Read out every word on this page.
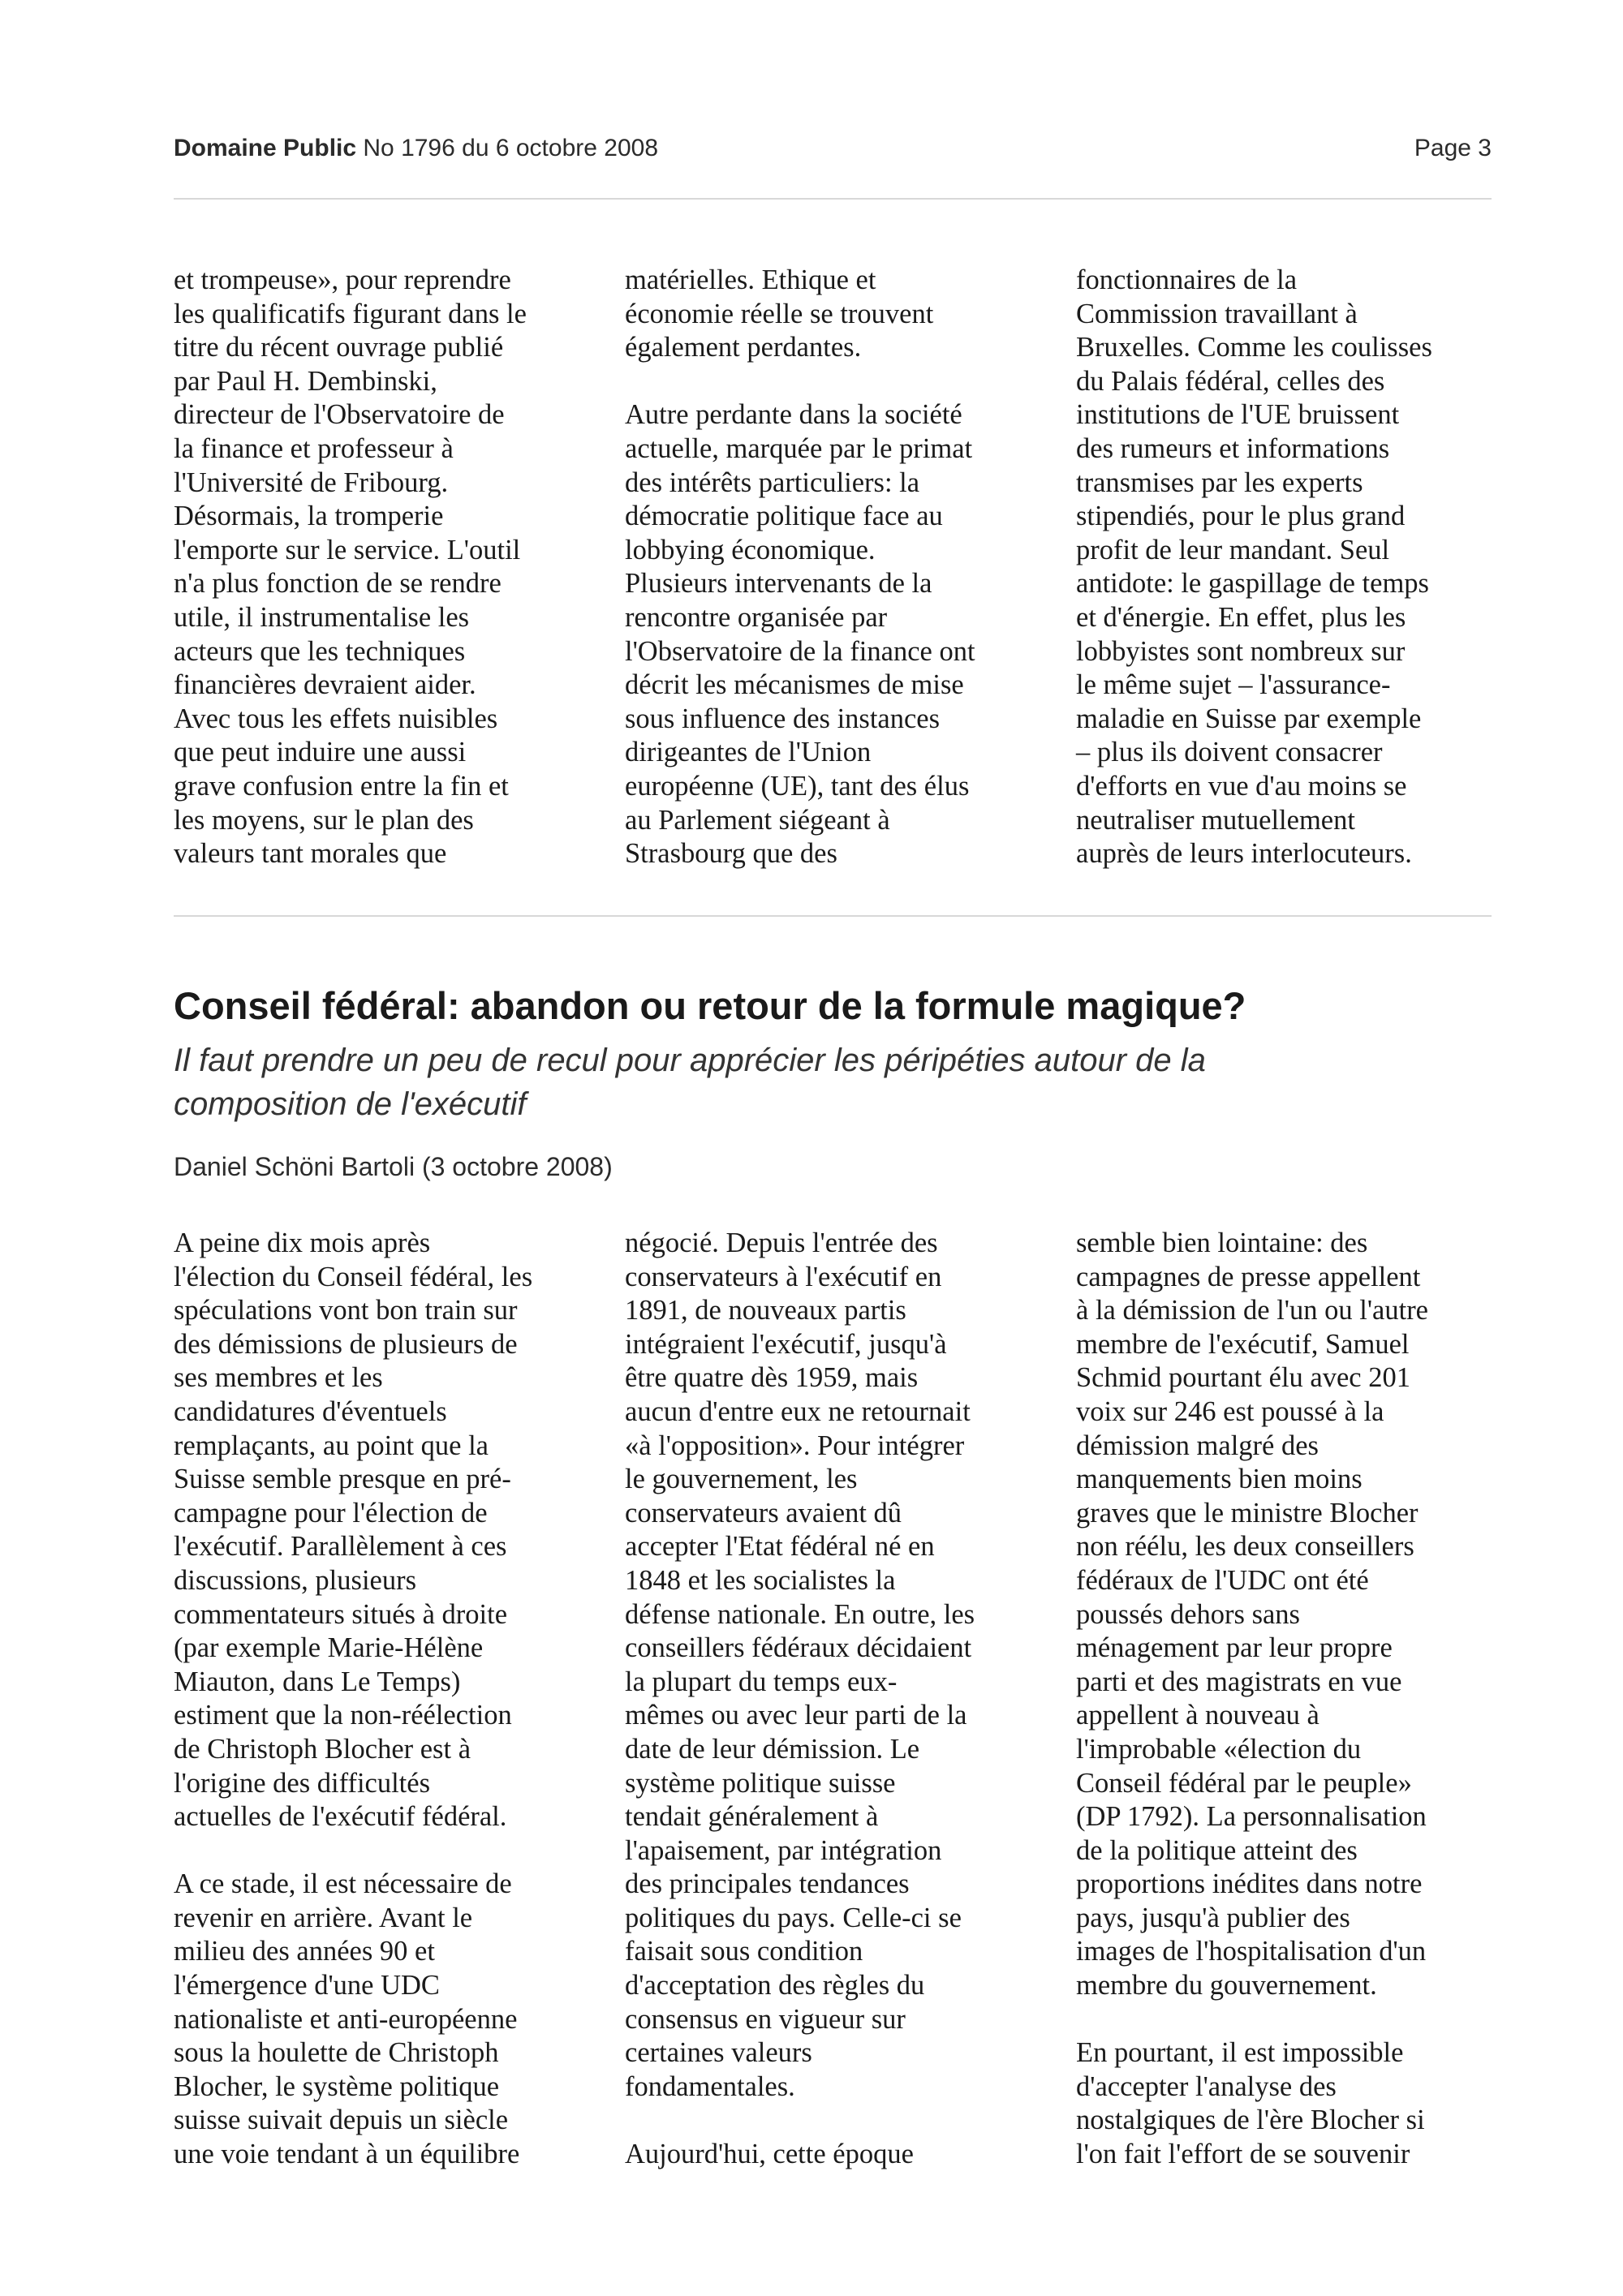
Domaine Public No 1796 du 6 octobre 2008	Page 3

et trompeuse», pour reprendre
les qualificatifs figurant dans le
titre du récent ouvrage publié
par Paul H. Dembinski,
directeur de l'Observatoire de
la finance et professeur à
l'Université de Fribourg.
Désormais, la tromperie
l'emporte sur le service. L'outil
n'a plus fonction de se rendre
utile, il instrumentalise les
acteurs que les techniques
financières devraient aider.
Avec tous les effets nuisibles
que peut induire une aussi
grave confusion entre la fin et
les moyens, sur le plan des
valeurs tant morales que

matérielles. Ethique et
économie réelle se trouvent
également perdantes.

Autre perdante dans la société
actuelle, marquée par le primat
des intérêts particuliers: la
démocratie politique face au
lobbying économique.
Plusieurs intervenants de la
rencontre organisée par
l'Observatoire de la finance ont
décrit les mécanismes de mise
sous influence des instances
dirigeantes de l'Union
européenne (UE), tant des élus
au Parlement siégeant à
Strasbourg que des

fonctionnaires de la
Commission travaillant à
Bruxelles. Comme les coulisses
du Palais fédéral, celles des
institutions de l'UE bruissent
des rumeurs et informations
transmises par les experts
stipendiés, pour le plus grand
profit de leur mandant. Seul
antidote: le gaspillage de temps
et d'énergie. En effet, plus les
lobbyistes sont nombreux sur
le même sujet – l'assurance-
maladie en Suisse par exemple
– plus ils doivent consacrer
d'efforts en vue d'au moins se
neutraliser mutuellement
auprès de leurs interlocuteurs.

Conseil fédéral: abandon ou retour de la formule magique?
Il faut prendre un peu de recul pour apprécier les péripéties autour de la
composition de l'exécutif
Daniel Schöni Bartoli (3 octobre 2008)

A peine dix mois après
l'élection du Conseil fédéral, les
spéculations vont bon train sur
des démissions de plusieurs de
ses membres et les
candidatures d'éventuels
remplaçants, au point que la
Suisse semble presque en pré-
campagne pour l'élection de
l'exécutif. Parallèlement à ces
discussions, plusieurs
commentateurs situés à droite
(par exemple Marie-Hélène
Miauton, dans Le Temps)
estiment que la non-réélection
de Christoph Blocher est à
l'origine des difficultés
actuelles de l'exécutif fédéral.

A ce stade, il est nécessaire de
revenir en arrière. Avant le
milieu des années 90 et
l'émergence d'une UDC
nationaliste et anti-européenne
sous la houlette de Christoph
Blocher, le système politique
suisse suivait depuis un siècle
une voie tendant à un équilibre

négocié. Depuis l'entrée des
conservateurs à l'exécutif en
1891, de nouveaux partis
intégraient l'exécutif, jusqu'à
être quatre dès 1959, mais
aucun d'entre eux ne retournait
«à l'opposition». Pour intégrer
le gouvernement, les
conservateurs avaient dû
accepter l'Etat fédéral né en
1848 et les socialistes la
défense nationale. En outre, les
conseillers fédéraux décidaient
la plupart du temps eux-
mêmes ou avec leur parti de la
date de leur démission. Le
système politique suisse
tendait généralement à
l'apaisement, par intégration
des principales tendances
politiques du pays. Celle-ci se
faisait sous condition
d'acceptation des règles du
consensus en vigueur sur
certaines valeurs
fondamentales.

Aujourd'hui, cette époque

semble bien lointaine: des
campagnes de presse appellent
à la démission de l'un ou l'autre
membre de l'exécutif, Samuel
Schmid pourtant élu avec 201
voix sur 246 est poussé à la
démission malgré des
manquements bien moins
graves que le ministre Blocher
non réélu, les deux conseillers
fédéraux de l'UDC ont été
poussés dehors sans
ménagement par leur propre
parti et des magistrats en vue
appellent à nouveau à
l'improbable «élection du
Conseil fédéral par le peuple»
(DP 1792). La personnalisation
de la politique atteint des
proportions inédites dans notre
pays, jusqu'à publier des
images de l'hospitalisation d'un
membre du gouvernement.

En pourtant, il est impossible
d'accepter l'analyse des
nostalgiques de l'ère Blocher si
l'on fait l'effort de se souvenir
